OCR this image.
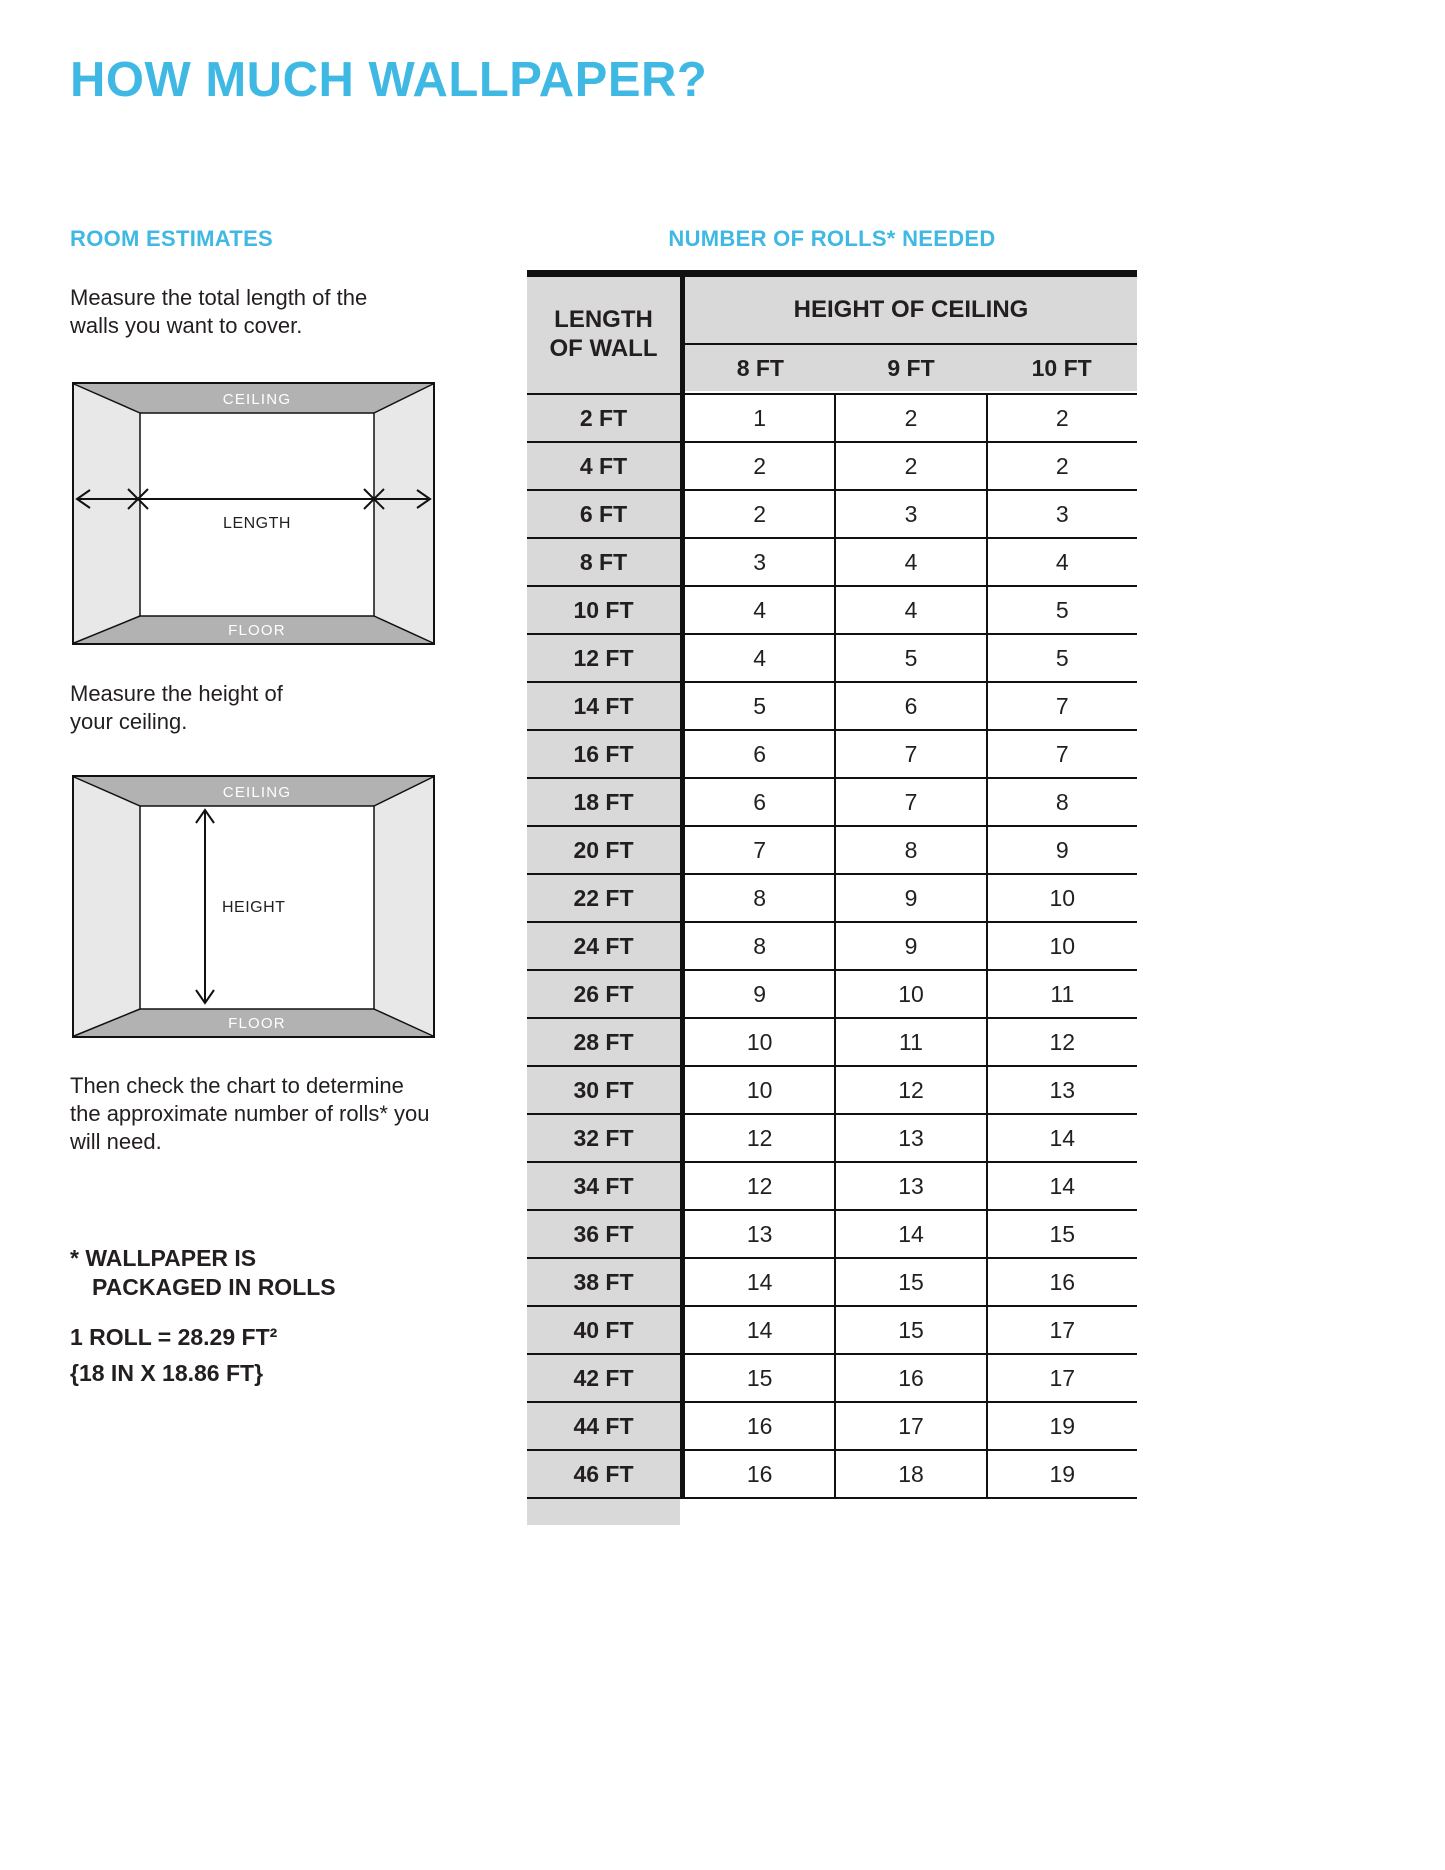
HOW MUCH WALLPAPER?
ROOM ESTIMATES	NUMBER OF ROLLS* NEEDED
Measure the total length of the walls you want to cover.
CEILING
FLOOR
LENGTH
Measure the height of your ceiling.
CEILING
FLOOR
HEIGHT
Then check the chart to determine the approximate number of rolls* you will need.
* WALLPAPER IS
PACKAGED IN ROLLS
1 ROLL = 28.29 FT²
{18 IN X 18.86 FT}
LENGTH OF WALL
HEIGHT OF CEILING
8 FT	9 FT	10 FT
2 FT	1	2	2
4 FT	2	2	2
6 FT	2	3	3
8 FT	3	4	4
10 FT	4	4	5
12 FT	4	5	5
14 FT	5	6	7
16 FT	6	7	7
18 FT	6	7	8
20 FT	7	8	9
22 FT	8	9	10
24 FT	8	9	10
26 FT	9	10	11
28 FT	10	11	12
30 FT	10	12	13
32 FT	12	13	14
34 FT	12	13	14
36 FT	13	14	15
38 FT	14	15	16
40 FT	14	15	17
42 FT	15	16	17
44 FT	16	17	19
46 FT	16	18	19
